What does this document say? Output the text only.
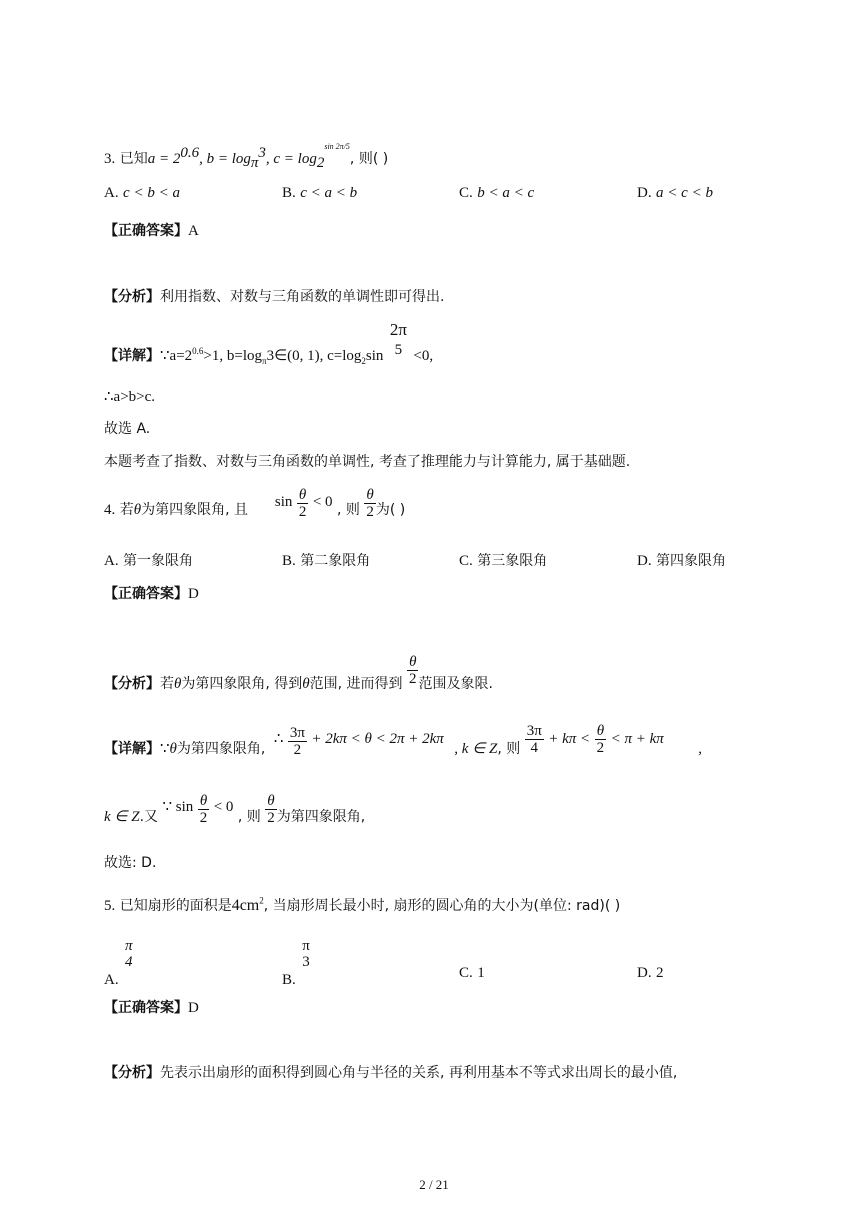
3. 已知$a = 2^{0.6}$, $b = \log_\pi^3$, $c = \log_2^{sin 2\pi/5}$, 则( )
A. c < b < a	B. c < a < b	C. b < a < c	D. a < c < b
【正确答案】A
【分析】利用指数、对数与三角函数的单调性即可得出.
【详解】$\because a=2^{0.6}>1$, $b=\log_\pi 3\in(0$, 1), $c=\log_2\sin$
2π
5 <0,
∴a>b>c.
故选 A.
本题考查了指数、对数与三角函数的单调性, 考查了推理能力与计算能力, 属于基础题.
4. 若θ为第四象限角, 且 $\sin \frac{\theta}{2} < 0$ , 则 $\frac{\theta}{2}$ 为( )
A. 第一象限角	B. 第二象限角	C. 第三象限角	D. 第四象限角
【正确答案】D
【分析】若θ为第四象限角, 得到θ范围, 进而得到 $\frac{\theta}{2}$ 范围及象限.
【详解】∵θ为第四象限角, ∴ $\frac{3\pi}{2} + 2k\pi < \theta < 2\pi + 2k\pi$ , k ∈ Z, 则 $\frac{3\pi}{4} + k\pi < \frac{\theta}{2} < \pi + k\pi$ ,
k ∈ Z.又 ∵ $\sin \frac{\theta}{2} < 0$ , 则 $\frac{\theta}{2}$ 为第四象限角,
故选: D.
5. 已知扇形的面积是$4cm^2$, 当扇形周长最小时, 扇形的圆心角的大小为(单位: rad)( )
A.
π
4
B.
π
3
C. 1	D. 2
【正确答案】D
【分析】先表示出扇形的面积得到圆心角与半径的关系, 再利用基本不等式求出周长的最小值,
2 / 21
